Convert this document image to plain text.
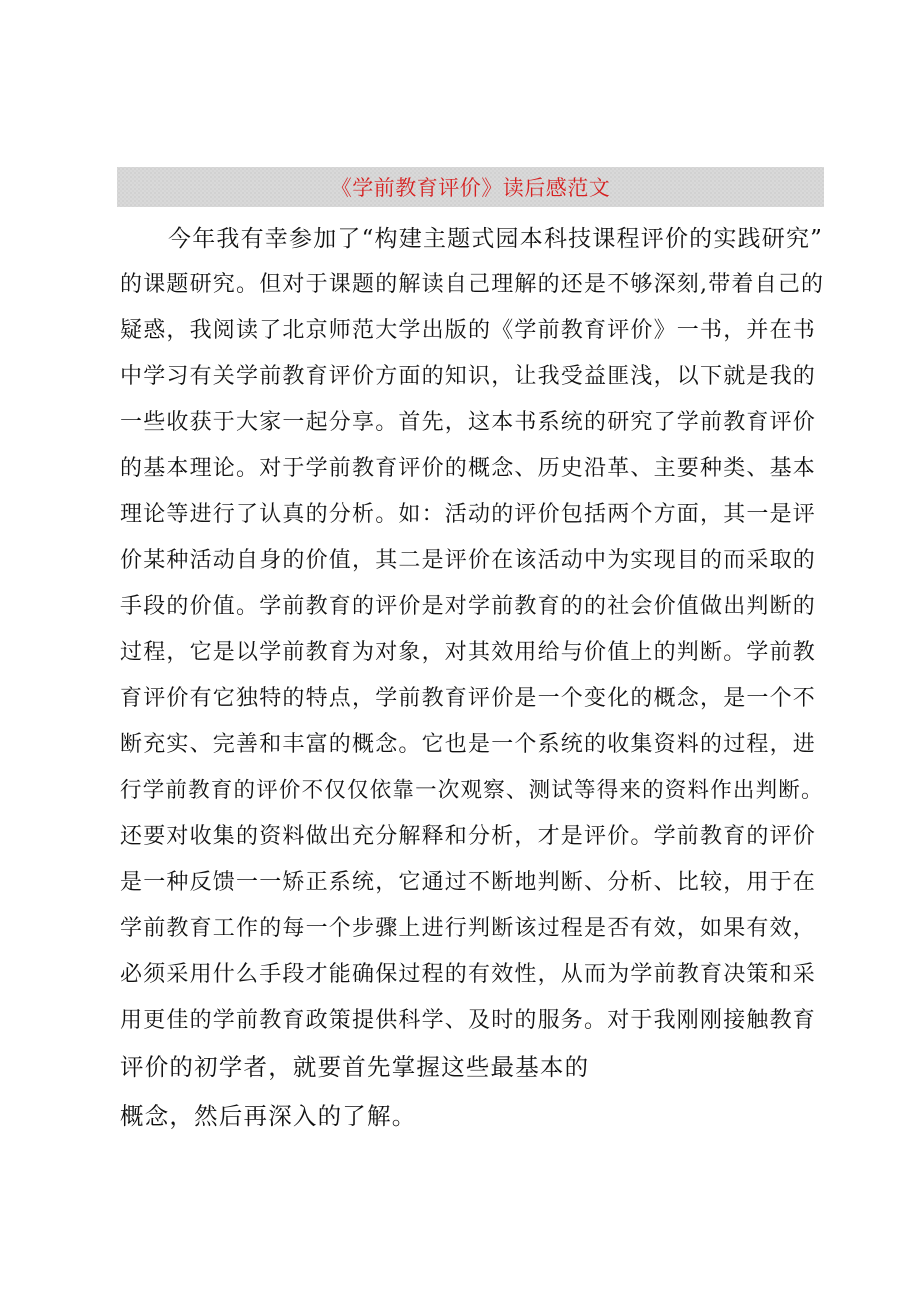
《学前教育评价》读后感范文
今年我有幸参加了“构建主题式园本科技课程评价的实践研究”
的课题研究。但对于课题的解读自己理解的还是不够深刻,带着自己的
疑惑，我阅读了北京师范大学出版的《学前教育评价》一书，并在书
中学习有关学前教育评价方面的知识，让我受益匪浅，以下就是我的
一些收获于大家一起分享。首先，这本书系统的研究了学前教育评价
的基本理论。对于学前教育评价的概念、历史沿革、主要种类、基本
理论等进行了认真的分析。如：活动的评价包括两个方面，其一是评
价某种活动自身的价值，其二是评价在该活动中为实现目的而采取的
手段的价值。学前教育的评价是对学前教育的的社会价值做出判断的
过程，它是以学前教育为对象，对其效用给与价值上的判断。学前教
育评价有它独特的特点，学前教育评价是一个变化的概念，是一个不
断充实、完善和丰富的概念。它也是一个系统的收集资料的过程，进
行学前教育的评价不仅仅依靠一次观察、测试等得来的资料作出判断。
还要对收集的资料做出充分解释和分析，才是评价。学前教育的评价
是一种反馈一一矫正系统，它通过不断地判断、分析、比较，用于在
学前教育工作的每一个步骤上进行判断该过程是否有效，如果有效，
必须采用什么手段才能确保过程的有效性，从而为学前教育决策和采
用更佳的学前教育政策提供科学、及时的服务。对于我刚刚接触教育
评价的初学者，就要首先掌握这些最基本的
概念，然后再深入的了解。
